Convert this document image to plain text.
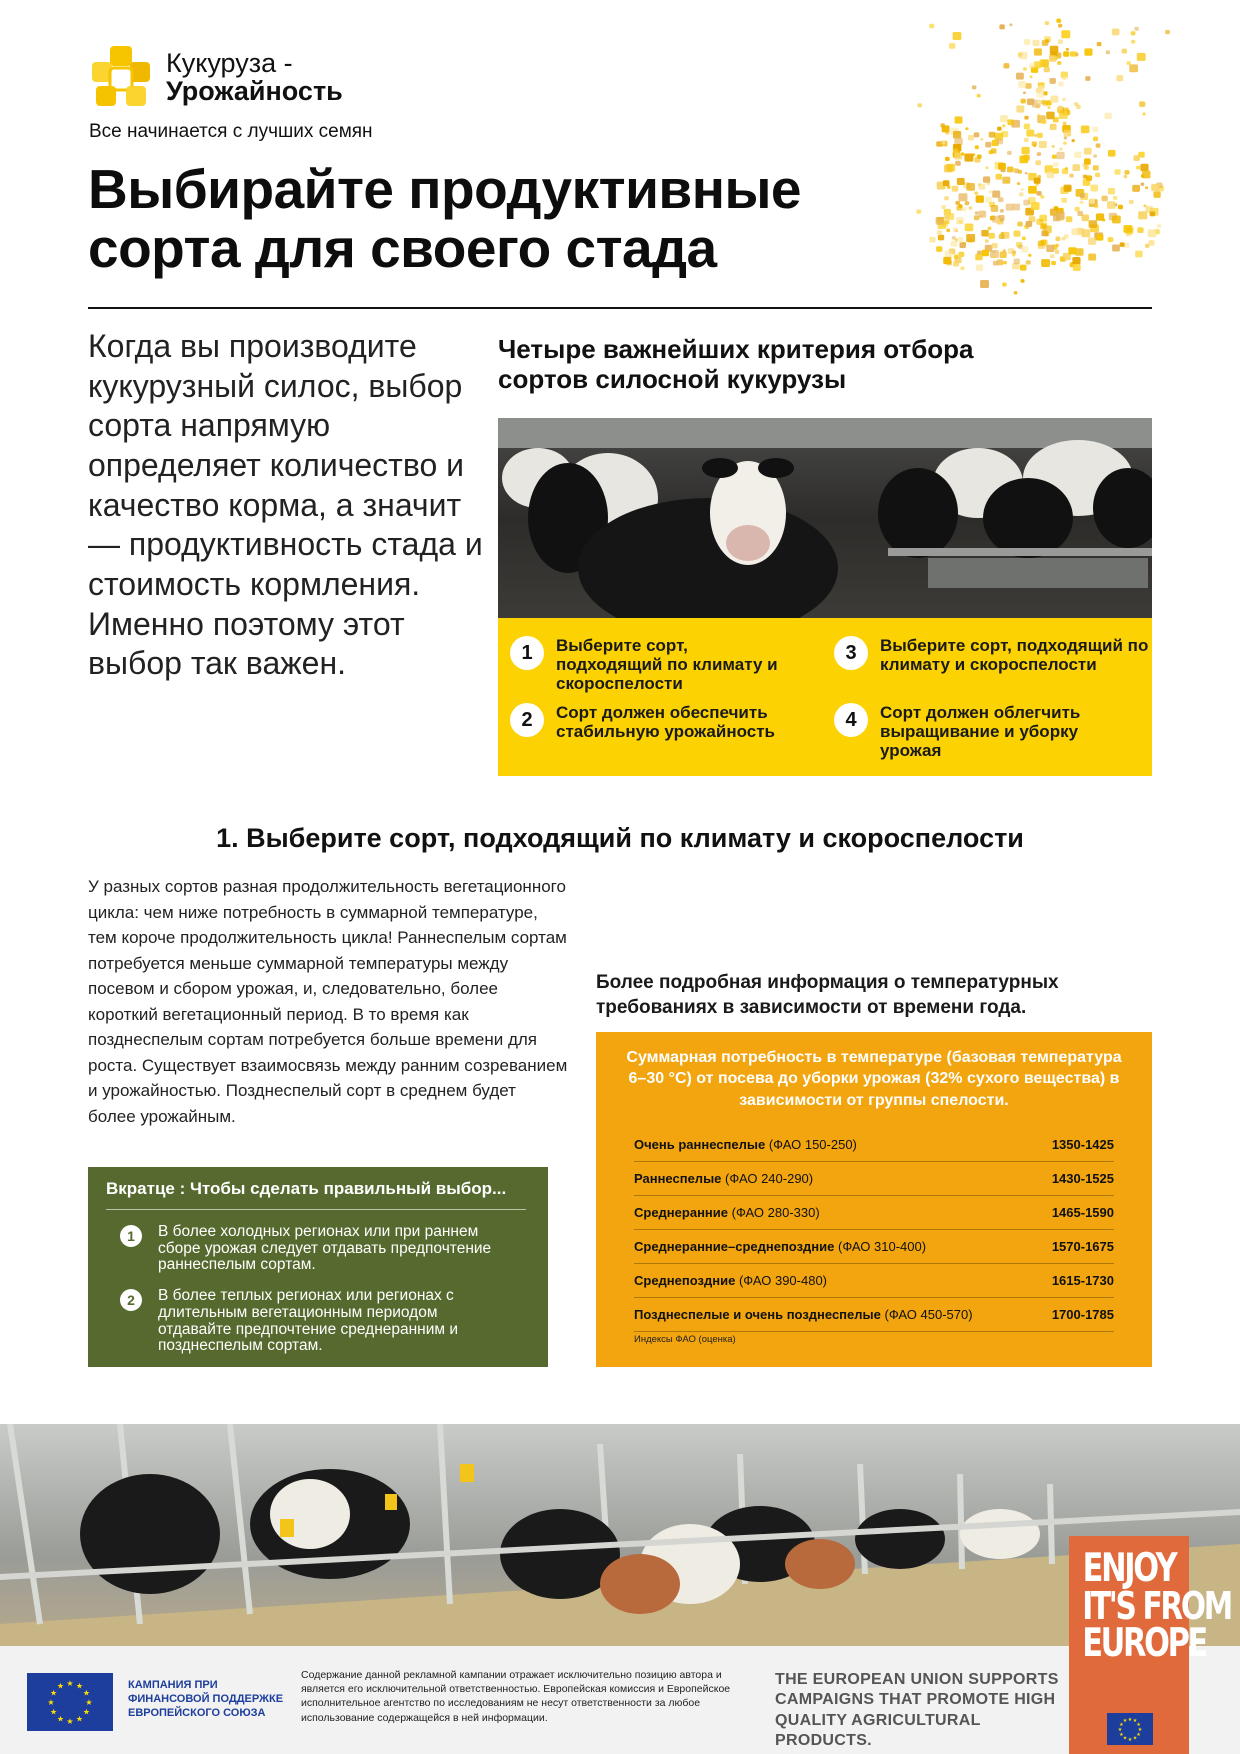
Кукуруза -
Урожайность
Все начинается с лучших семян
Выбирайте продуктивные сорта для своего стада

Когда вы производите кукурузный силос, выбор сорта напрямую определяет количество и качество корма, а значит — продуктивность стада и стоимость кормления. Именно поэтому этот выбор так важен.

Четыре важнейших критерия отбора сортов силосной кукурузы
1	Выберите сорт, подходящий по климату и скороспелости
2	Сорт должен обеспечить стабильную урожайность
3	Выберите сорт, подходящий по климату и скороспелости
4	Сорт должен облегчить выращивание и уборку урожая
1. Выберите сорт, подходящий по климату и скороспелости

У разных сортов разная продолжительность вегетационного цикла: чем ниже потребность в суммарной температуре, тем короче продолжительность цикла! Раннеспелым сортам потребуется меньше суммарной температуры между посевом и сбором урожая, и, следовательно, более короткий вегетационный период. В то время как позднеспелым сортам потребуется больше времени для роста. Существует взаимосвязь между ранним созреванием и урожайностью. Позднеспелый сорт в среднем будет более урожайным.

Вкратце : Чтобы сделать правильный выбор...
1	В более холодных регионах или при раннем сборе урожая следует отдавать предпочтение раннеспелым сортам.
2	В более теплых регионах или регионах с длительным вегетационным периодом отдавайте предпочтение среднеранним и позднеспелым сортам.
Более подробная информация о температурных требованиях в зависимости от времени года.
Суммарная потребность в температуре (базовая температура 6–30 °С) от посева до уборки урожая (32% сухого вещества) в зависимости от группы спелости.
Очень раннеспелые (ФАО 150-250)	1350-1425
Раннеспелые (ФАО 240-290)	1430-1525
Среднеранние (ФАО 280-330)	1465-1590
Среднеранние–среднепоздние (ФАО 310-400)	1570-1675
Среднепоздние (ФАО 390-480)	1615-1730
Позднеспелые и очень позднеспелые (ФАО 450-570)	1700-1785
Индексы ФАО (оценка)
★
★
★
★
★
★
★
★
★ ★ ★
★
КАМПАНИЯ ПРИ ФИНАНСОВОЙ ПОДДЕРЖКЕ ЕВРОПЕЙСКОГО СОЮЗА
Содержание данной рекламной кампании отражает исключительно позицию автора и является его исключительной ответственностью. Европейская комиссия и Европейское исполнительное агентство по исследованиям не несут ответственности за любое использование содержащейся в ней информации.
THE EUROPEAN UNION SUPPORTS CAMPAIGNS THAT PROMOTE HIGH QUALITY AGRICULTURAL PRODUCTS.
ENJOY
IT'S FROM
EUROPE
★
★
★
★
★
★
★
★
★ ★ ★
★
